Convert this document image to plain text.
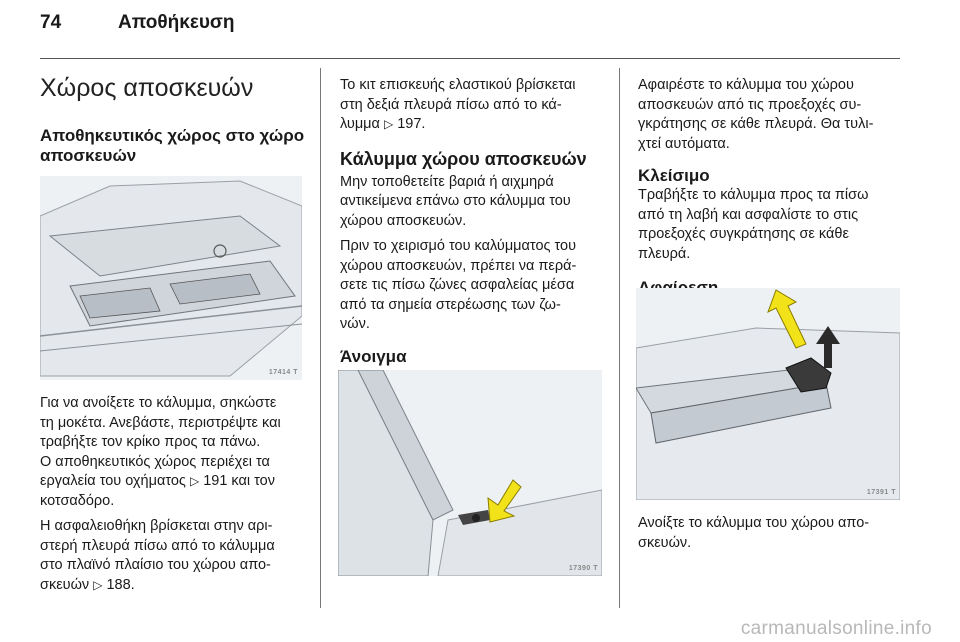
74	Αποθήκευση
Χώρος αποσκευών
Αποθηκευτικός χώρος στο χώρο
αποσκευών
17414 T

Για να ανοίξετε το κάλυμμα, σηκώστε
τη μοκέτα. Ανεβάστε, περιστρέψτε και
τραβήξτε τον κρίκο προς τα πάνω.
Ο αποθηκευτικός χώρος περιέχει τα
εργαλεία του οχήματος ▷ 191 και τον
κοτσαδόρο.

Η ασφαλειοθήκη βρίσκεται στην αρι-
στερή πλευρά πίσω από το κάλυμμα
στο πλαϊνό πλαίσιο του χώρου απο-
σκευών ▷ 188.

Το κιτ επισκευής ελαστικού βρίσκεται
στη δεξιά πλευρά πίσω από το κά-
λυμμα ▷ 197.

Κάλυμμα χώρου αποσκευών

Μην τοποθετείτε βαριά ή αιχμηρά
αντικείμενα επάνω στο κάλυμμα του
χώρου αποσκευών.

Πριν το χειρισμό του καλύμματος του
χώρου αποσκευών, πρέπει να περά-
σετε τις πίσω ζώνες ασφαλείας μέσα
από τα σημεία στερέωσης των ζω-
νών.

Άνοιγμα
17390 T

Αφαιρέστε το κάλυμμα του χώρου
αποσκευών από τις προεξοχές συ-
γκράτησης σε κάθε πλευρά. Θα τυλι-
χτεί αυτόματα.

Κλείσιμο

Τραβήξτε το κάλυμμα προς τα πίσω
από τη λαβή και ασφαλίστε το στις
προεξοχές συγκράτησης σε κάθε
πλευρά.

17391 T

Ανοίξτε το κάλυμμα του χώρου απο-
σκευών.

carmanualsonline.info
